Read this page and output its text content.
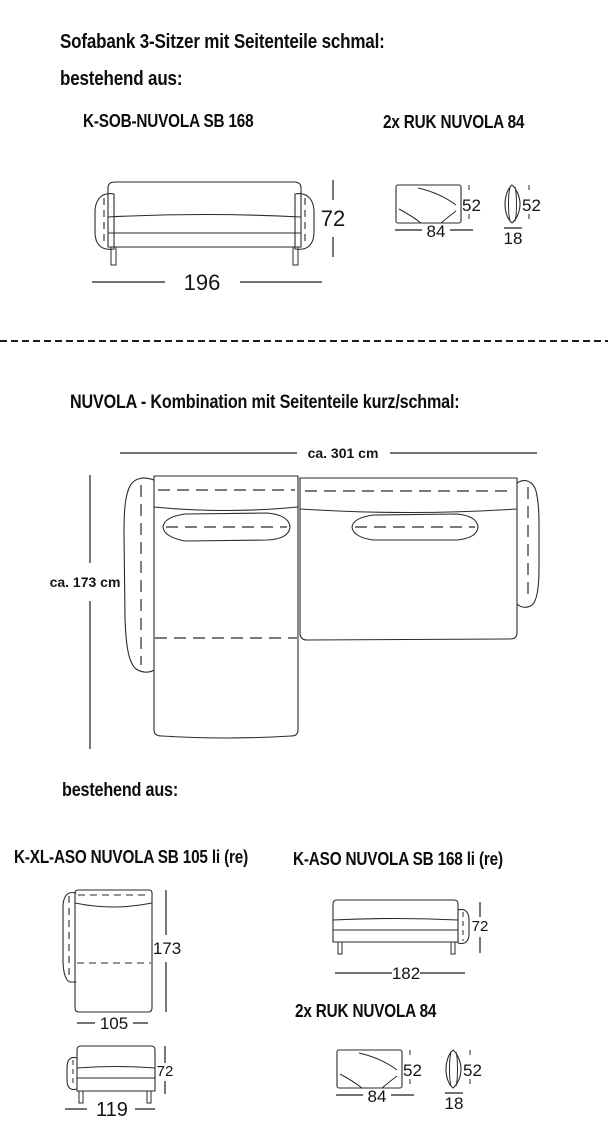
Sofabank 3-Sitzer mit Seitenteile schmal:
bestehend aus:
K-SOB-NUVOLA SB 168	2x RUK NUVOLA 84
72
196
52
84
52
18
NUVOLA - Kombination mit Seitenteile kurz/schmal:
ca. 301 cm
ca. 173 cm
bestehend aus:
K-XL-ASO NUVOLA SB 105 li (re) K-ASO NUVOLA SB 168 li (re)
173
105
72
119
72
182
2x RUK NUVOLA 84
52
84
52
18
